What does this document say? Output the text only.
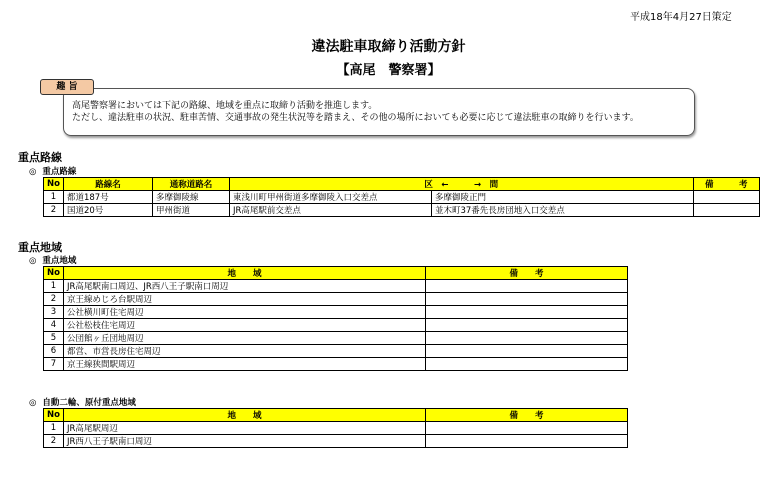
平成18年4月27日策定
違法駐車取締り活動方針
【高尾　警察署】
趣 旨
高尾警察署においては下記の路線、地域を重点に取締り活動を推進します。
ただし、違法駐車の状況、駐車苦情、交通事故の発生状況等を踏まえ、その他の場所においても必要に応じて違法駐車の取締りを行います。
重点路線
◎ 重点路線
No	路線名	通称道路名	区　←　　　→　間		備　　　考
1	都道187号	多摩御陵線	東浅川町甲州街道多摩御陵入口交差点	多摩御陵正門	
2	国道20号	甲州街道	JR高尾駅前交差点	並木町37番先長房団地入口交差点	
重点地域
◎ 重点地域
No	地　　域	備　　考
1	JR高尾駅南口周辺、JR西八王子駅南口周辺	
2	京王線めじろ台駅周辺	
3	公社横川町住宅周辺	
4	公社松枝住宅周辺	
5	公団館ヶ丘団地周辺	
6	都営、市営長房住宅周辺	
7	京王線狭間駅周辺	
◎ 自動二輪、原付重点地域
No	地　　域	備　　考
1	JR高尾駅周辺	
2	JR西八王子駅南口周辺	
